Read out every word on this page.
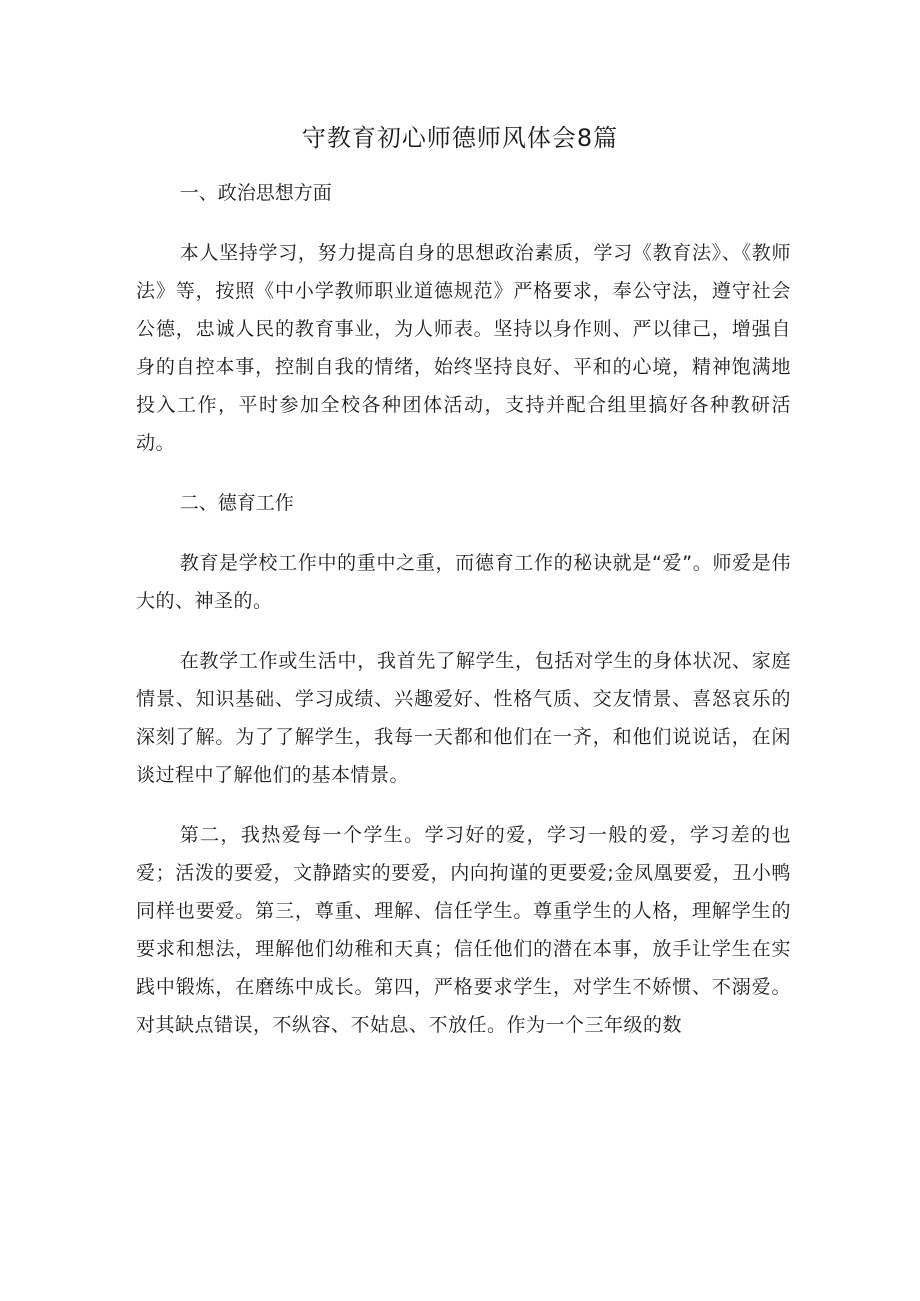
守教育初心师德师风体会8篇

一、政治思想方面

本人坚持学习，努力提高自身的思想政治素质，学习《教育法》、《教师法》等，按照《中小学教师职业道德规范》严格要求，奉公守法，遵守社会公德，忠诚人民的教育事业，为人师表。坚持以身作则、严以律己，增强自身的自控本事，控制自我的情绪，始终坚持良好、平和的心境，精神饱满地投入工作，平时参加全校各种团体活动，支持并配合组里搞好各种教研活动。

二、德育工作

教育是学校工作中的重中之重，而德育工作的秘诀就是“爱”。师爱是伟大的、神圣的。

在教学工作或生活中，我首先了解学生，包括对学生的身体状况、家庭情景、知识基础、学习成绩、兴趣爱好、性格气质、交友情景、喜怒哀乐的深刻了解。为了了解学生，我每一天都和他们在一齐，和他们说说话，在闲谈过程中了解他们的基本情景。

第二，我热爱每一个学生。学习好的爱，学习一般的爱，学习差的也爱；活泼的要爱，文静踏实的要爱，内向拘谨的更要爱;金凤凰要爱，丑小鸭同样也要爱。第三，尊重、理解、信任学生。尊重学生的人格，理解学生的要求和想法，理解他们幼稚和天真；信任他们的潜在本事，放手让学生在实践中锻炼，在磨练中成长。第四，严格要求学生，对学生不娇惯、不溺爱。对其缺点错误，不纵容、不姑息、不放任。作为一个三年级的数
